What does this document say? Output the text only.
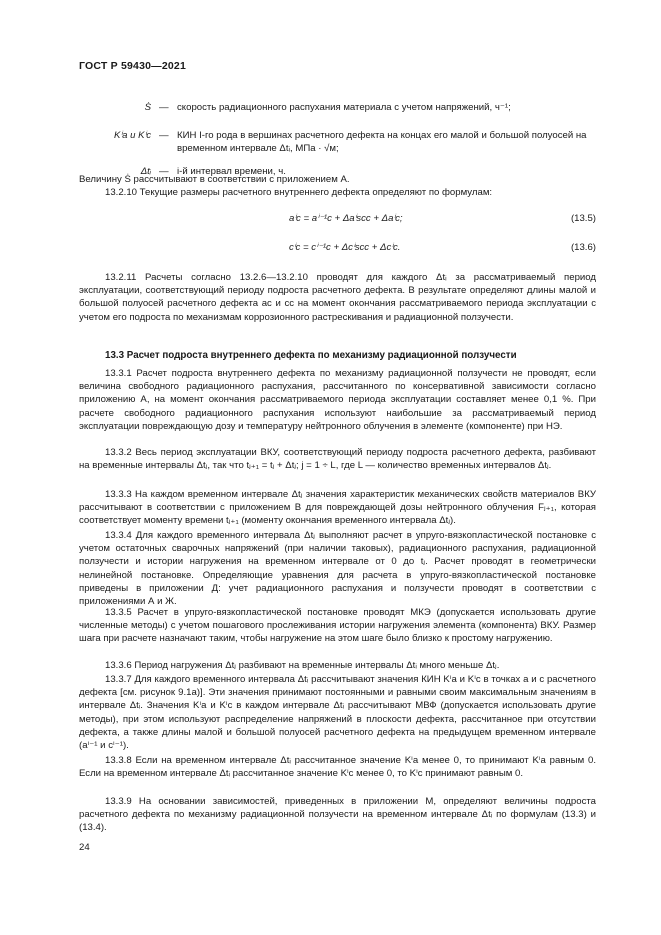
ГОСТ Р 59430—2021
Ṡ — скорость радиационного распухания материала с учетом напряжений, ч⁻¹;
Kⁱa и Kⁱc — КИН I-го рода в вершинах расчетного дефекта на концах его малой и большой полуосей на временном интервале Δtᵢ, МПа · √м;
Δtᵢ — i-й интервал времени, ч.
Величину Ṡ рассчитывают в соответствии с приложением А.
13.2.10 Текущие размеры расчетного внутреннего дефекта определяют по формулам:
aⁱc = aⁱ⁻¹c + Δaⁱscc + Δaⁱc;	(13.5)
cⁱc = cⁱ⁻¹c + Δcⁱscc + Δcⁱc.	(13.6)
13.2.11 Расчеты согласно 13.2.6—13.2.10 проводят для каждого Δtᵢ за рассматриваемый период эксплуатации, соответствующий периоду подроста расчетного дефекта. В результате определяют длины малой и большой полуосей расчетного дефекта ac и cc на момент окончания рассматриваемого периода эксплуатации с учетом его подроста по механизмам коррозионного растрескивания и радиационной ползучести.
13.3 Расчет подроста внутреннего дефекта по механизму радиационной ползучести
13.3.1 Расчет подроста внутреннего дефекта по механизму радиационной ползучести не проводят, если величина свободного радиационного распухания, рассчитанного по консервативной зависимости согласно приложению А, на момент окончания рассматриваемого периода эксплуатации составляет менее 0,1 %. При расчете свободного радиационного распухания используют наибольшие за рассматриваемый период эксплуатации повреждающую дозу и температуру нейтронного облучения в элементе (компоненте) при НЭ.
13.3.2 Весь период эксплуатации ВКУ, соответствующий периоду подроста расчетного дефекта, разбивают на временные интервалы Δtⱼ, так что tⱼ₊₁ = tⱼ + Δtⱼ; j = 1 ÷ L, где L — количество временных интервалов Δtⱼ.
13.3.3 На каждом временном интервале Δtⱼ значения характеристик механических свойств материалов ВКУ рассчитывают в соответствии с приложением В для повреждающей дозы нейтронного облучения Fⱼ₊₁, которая соответствует моменту времени tⱼ₊₁ (моменту окончания временного интервала Δtⱼ).
13.3.4 Для каждого временного интервала Δtⱼ выполняют расчет в упруго-вязкопластической постановке с учетом остаточных сварочных напряжений (при наличии таковых), радиационного распухания, радиационной ползучести и истории нагружения на временном интервале от 0 до tⱼ. Расчет проводят в геометрически нелинейной постановке. Определяющие уравнения для расчета в упруго-вязкопластической постановке приведены в приложении Д: учет радиационного распухания и ползучести проводят в соответствии с приложениями А и Ж.
13.3.5 Расчет в упруго-вязкопластической постановке проводят МКЭ (допускается использовать другие численные методы) с учетом пошагового прослеживания истории нагружения элемента (компонента) ВКУ. Размер шага при расчете назначают таким, чтобы нагружение на этом шаге было близко к простому нагружению.
13.3.6 Период нагружения Δtⱼ разбивают на временные интервалы Δtᵢ много меньше Δtⱼ.
13.3.7 Для каждого временного интервала Δtᵢ рассчитывают значения КИН Kⁱa и Kⁱc в точках a и c расчетного дефекта [см. рисунок 9.1а)]. Эти значения принимают постоянными и равными своим максимальным значениям в интервале Δtᵢ. Значения Kⁱa и Kⁱc в каждом интервале Δtᵢ рассчитывают МВФ (допускается использовать другие методы), при этом используют распределение напряжений в плоскости дефекта, рассчитанное при отсутствии дефекта, а также длины малой и большой полуосей расчетного дефекта на предыдущем временном интервале (aⁱ⁻¹ и cⁱ⁻¹).
13.3.8 Если на временном интервале Δtᵢ рассчитанное значение Kⁱa менее 0, то принимают Kⁱa равным 0. Если на временном интервале Δtᵢ рассчитанное значение Kⁱc менее 0, то Kⁱc принимают равным 0.
13.3.9 На основании зависимостей, приведенных в приложении М, определяют величины подроста расчетного дефекта по механизму радиационной ползучести на временном интервале Δtᵢ по формулам (13.3) и (13.4).
24
